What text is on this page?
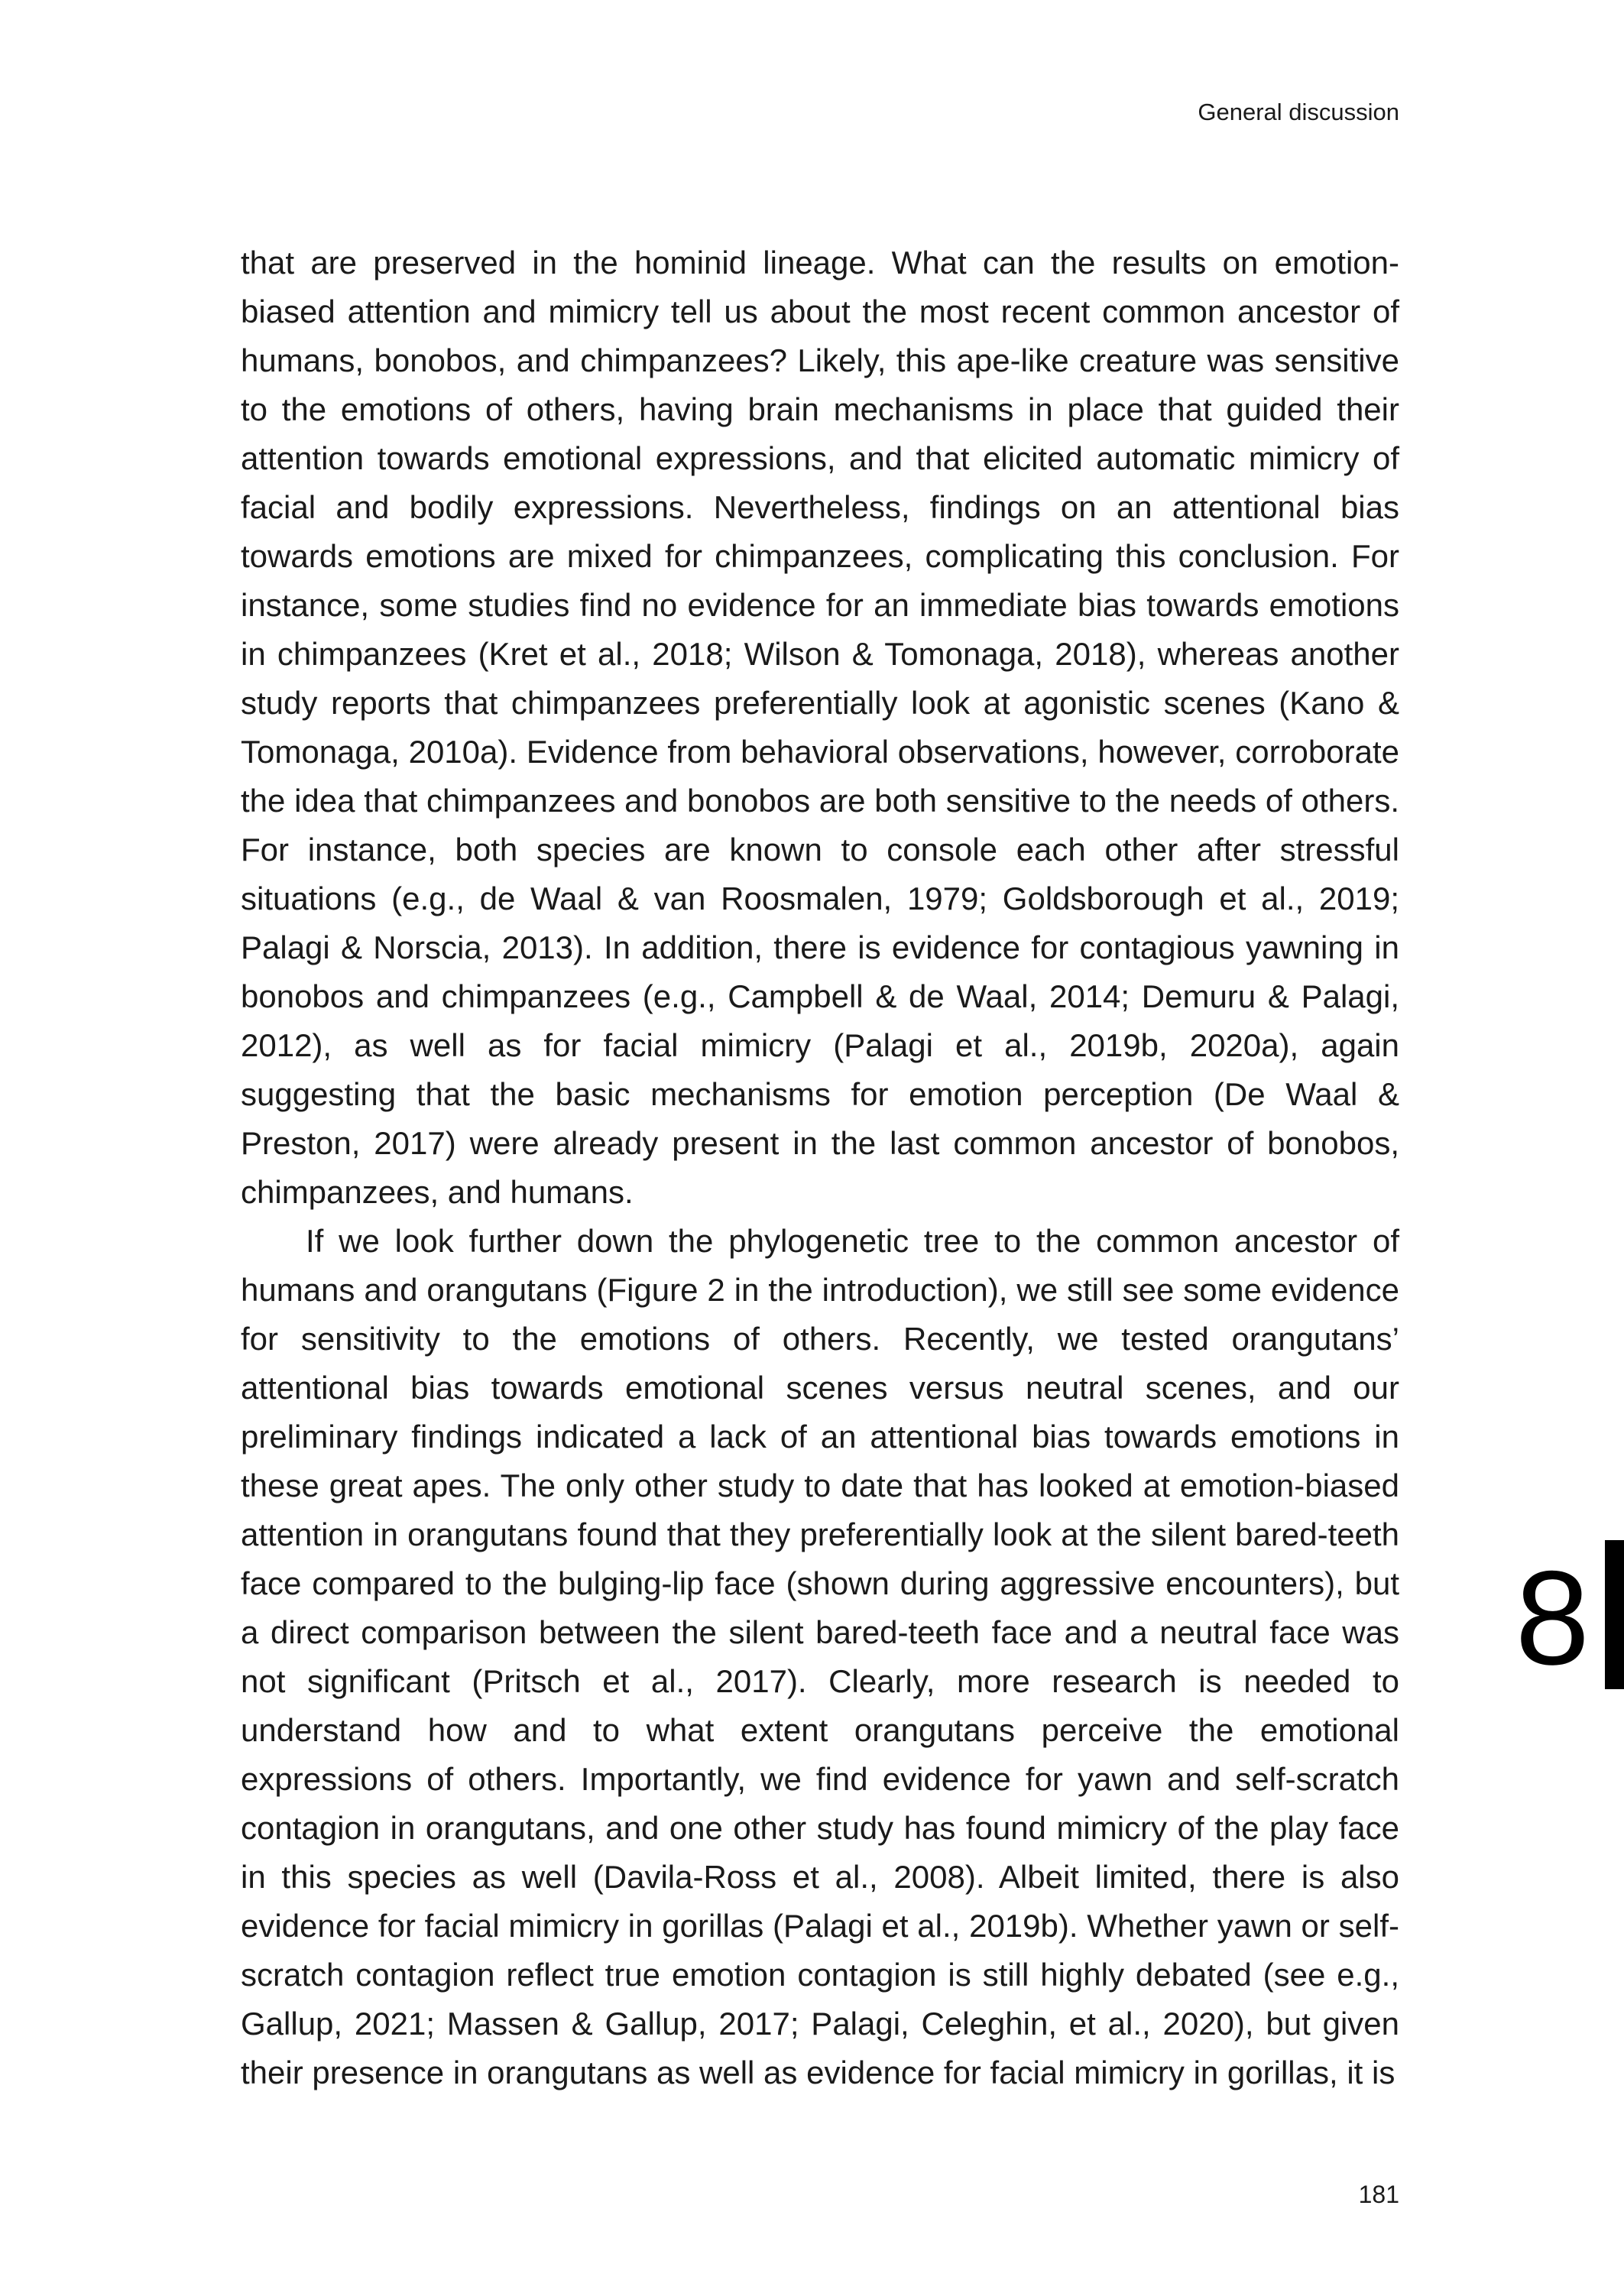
General discussion

that are preserved in the hominid lineage. What can the results on emotion-biased attention and mimicry tell us about the most recent common ancestor of humans, bonobos, and chimpanzees? Likely, this ape-like creature was sensitive to the emotions of others, having brain mechanisms in place that guided their attention towards emotional expressions, and that elicited automatic mimicry of facial and bodily expressions. Nevertheless, findings on an attentional bias towards emotions are mixed for chimpanzees, complicating this conclusion. For instance, some studies find no evidence for an immediate bias towards emotions in chimpanzees (Kret et al., 2018; Wilson & Tomonaga, 2018), whereas another study reports that chimpanzees preferentially look at agonistic scenes (Kano & Tomonaga, 2010a). Evidence from behavioral observations, however, corroborate the idea that chimpanzees and bonobos are both sensitive to the needs of others. For instance, both species are known to console each other after stressful situations (e.g., de Waal & van Roosmalen, 1979; Goldsborough et al., 2019; Palagi & Norscia, 2013). In addition, there is evidence for contagious yawning in bonobos and chimpanzees (e.g., Campbell & de Waal, 2014; Demuru & Palagi, 2012), as well as for facial mimicry (Palagi et al., 2019b, 2020a), again suggesting that the basic mechanisms for emotion perception (De Waal & Preston, 2017) were already present in the last common ancestor of bonobos, chimpanzees, and humans.

If we look further down the phylogenetic tree to the common ancestor of humans and orangutans (Figure 2 in the introduction), we still see some evidence for sensitivity to the emotions of others. Recently, we tested orangutans’ attentional bias towards emotional scenes versus neutral scenes, and our preliminary findings indicated a lack of an attentional bias towards emotions in these great apes. The only other study to date that has looked at emotion-biased attention in orangutans found that they preferentially look at the silent bared-teeth face compared to the bulging-lip face (shown during aggressive encounters), but a direct comparison between the silent bared-teeth face and a neutral face was not significant (Pritsch et al., 2017). Clearly, more research is needed to understand how and to what extent orangutans perceive the emotional expressions of others. Importantly, we find evidence for yawn and self-scratch contagion in orangutans, and one other study has found mimicry of the play face in this species as well (Davila-Ross et al., 2008). Albeit limited, there is also evidence for facial mimicry in gorillas (Palagi et al., 2019b). Whether yawn or self-scratch contagion reflect true emotion contagion is still highly debated (see e.g., Gallup, 2021; Massen & Gallup, 2017; Palagi, Celeghin, et al., 2020), but given their presence in orangutans as well as evidence for facial mimicry in gorillas, it is

8
181
